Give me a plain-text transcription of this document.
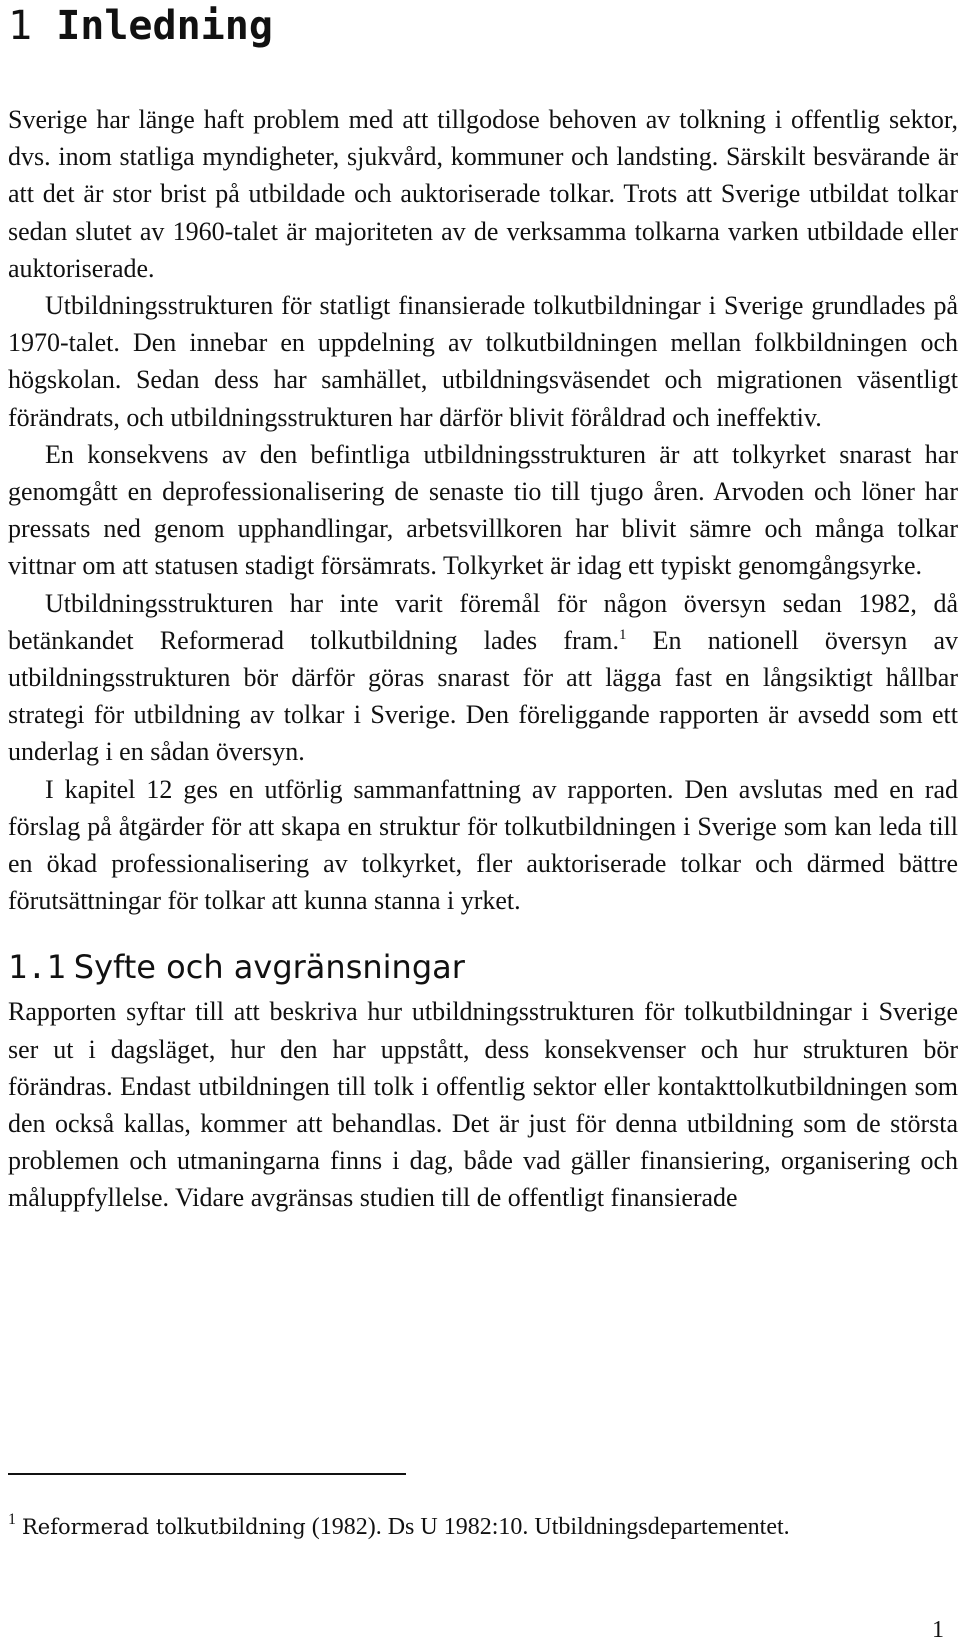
1 Inledning

Sverige har länge haft problem med att tillgodose behoven av tolkning i offentlig sektor, dvs. inom statliga myndigheter, sjukvård, kommuner och landsting. Särskilt besvärande är att det är stor brist på utbildade och auktoriserade tolkar. Trots att Sverige utbildat tolkar sedan slutet av 1960-talet är majoriteten av de verksamma tolkarna varken utbildade eller auktoriserade.

Utbildningsstrukturen för statligt finansierade tolkutbildningar i Sverige grundlades på 1970-talet. Den innebar en uppdelning av tolkutbildningen mellan folkbildningen och högskolan. Sedan dess har samhället, utbildningsväsendet och migrationen väsentligt förändrats, och utbildningsstrukturen har därför blivit föråldrad och ineffektiv.

En konsekvens av den befintliga utbildningsstrukturen är att tolkyrket snarast har genomgått en deprofessionalisering de senaste tio till tjugo åren. Arvoden och löner har pressats ned genom upphandlingar, arbetsvillkoren har blivit sämre och många tolkar vittnar om att statusen stadigt försämrats. Tolkyrket är idag ett typiskt genomgångsyrke.

Utbildningsstrukturen har inte varit föremål för någon översyn sedan 1982, då betänkandet Reformerad tolkutbildning lades fram.$^1$ En nationell översyn av utbildningsstrukturen bör därför göras snarast för att lägga fast en långsiktigt hållbar strategi för utbildning av tolkar i Sverige. Den föreliggande rapporten är avsedd som ett underlag i en sådan översyn.

I kapitel 12 ges en utförlig sammanfattning av rapporten. Den avslutas med en rad förslag på åtgärder för att skapa en struktur för tolkutbildningen i Sverige som kan leda till en ökad professionalisering av tolkyrket, fler auktoriserade tolkar och därmed bättre förutsättningar för tolkar att kunna stanna i yrket.

1.1 Syfte och avgränsningar

Rapporten syftar till att beskriva hur utbildningsstrukturen för tolkutbildningar i Sverige ser ut i dagsläget, hur den har uppstått, dess konsekvenser och hur strukturen bör förändras. Endast utbildningen till tolk i offentlig sektor eller kontakttolkutbildningen som den också kallas, kommer att behandlas. Det är just för denna utbildning som de största problemen och utmaningarna finns i dag, både vad gäller finansiering, organisering och måluppfyllelse. Vidare avgränsas studien till de offentligt finansierade

$^1$ Reformerad tolkutbildning (1982). Ds U 1982:10. Utbildningsdepartementet.
1
